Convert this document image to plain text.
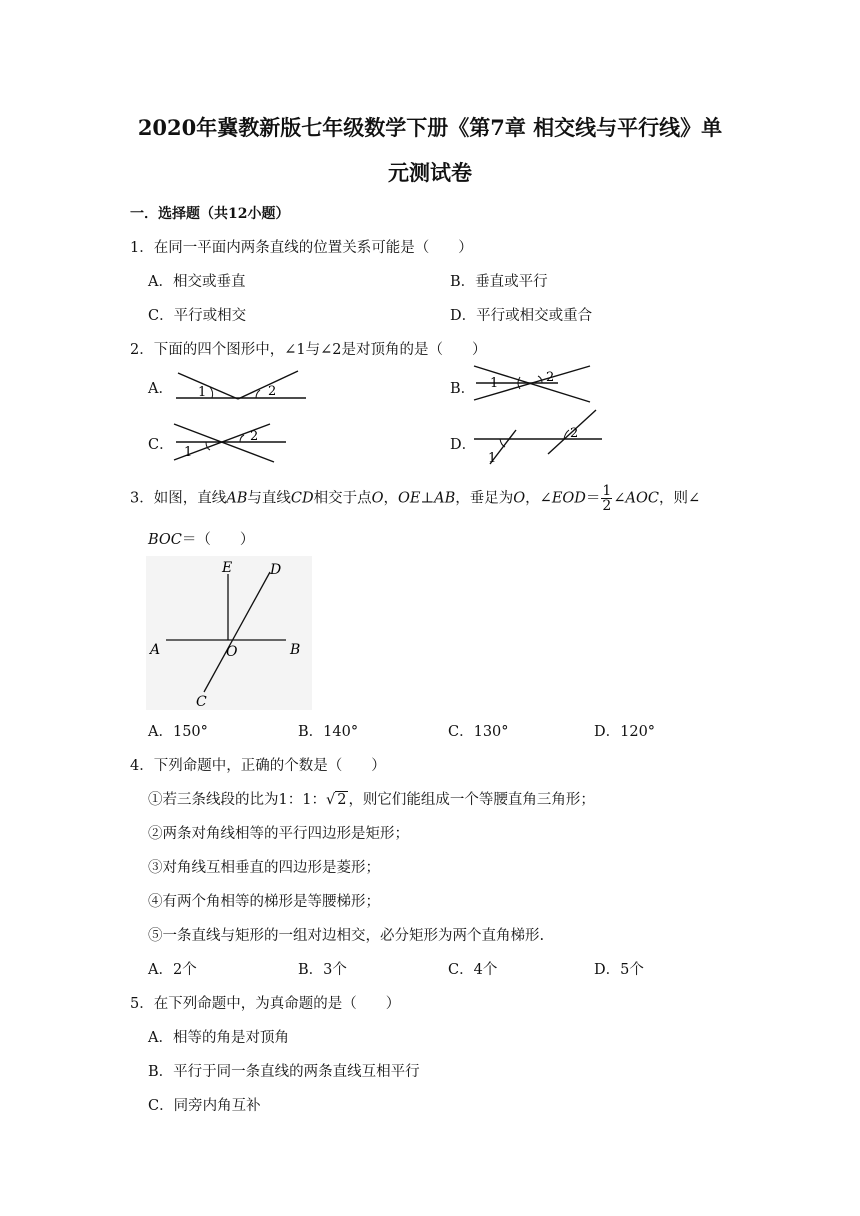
2020年冀教新版七年级数学下册《第7章 相交线与平行线》单
元测试卷
一．选择题（共12小题）
1．在同一平面内两条直线的位置关系可能是（　　）
A．相交或垂直	B．垂直或平行
C．平行或相交	D．平行或相交或重合
2．下面的四个图形中，∠1与∠2是对顶角的是（　　）
A． 1	2	B． 1	2
C． 1
2
D．
1
2
3．如图，直线AB与直线CD相交于点O，OE⊥AB，垂足为O，∠EOD＝ $\frac{1}{2}$ ∠AOC，则∠
BOC＝（　　）
E	D
A	O	B
C
A．150°	B．140°	C．130°	D．120°
4．下列命题中，正确的个数是（　　）
①若三条线段的比为1：1：√ 2 ，则它们能组成一个等腰直角三角形；
②两条对角线相等的平行四边形是矩形；
③对角线互相垂直的四边形是菱形；
④有两个角相等的梯形是等腰梯形；
⑤一条直线与矩形的一组对边相交，必分矩形为两个直角梯形.
A．2个	B．3个	C．4个	D．5个
5．在下列命题中，为真命题的是（　　）
A．相等的角是对顶角
B．平行于同一条直线的两条直线互相平行
C．同旁内角互补
